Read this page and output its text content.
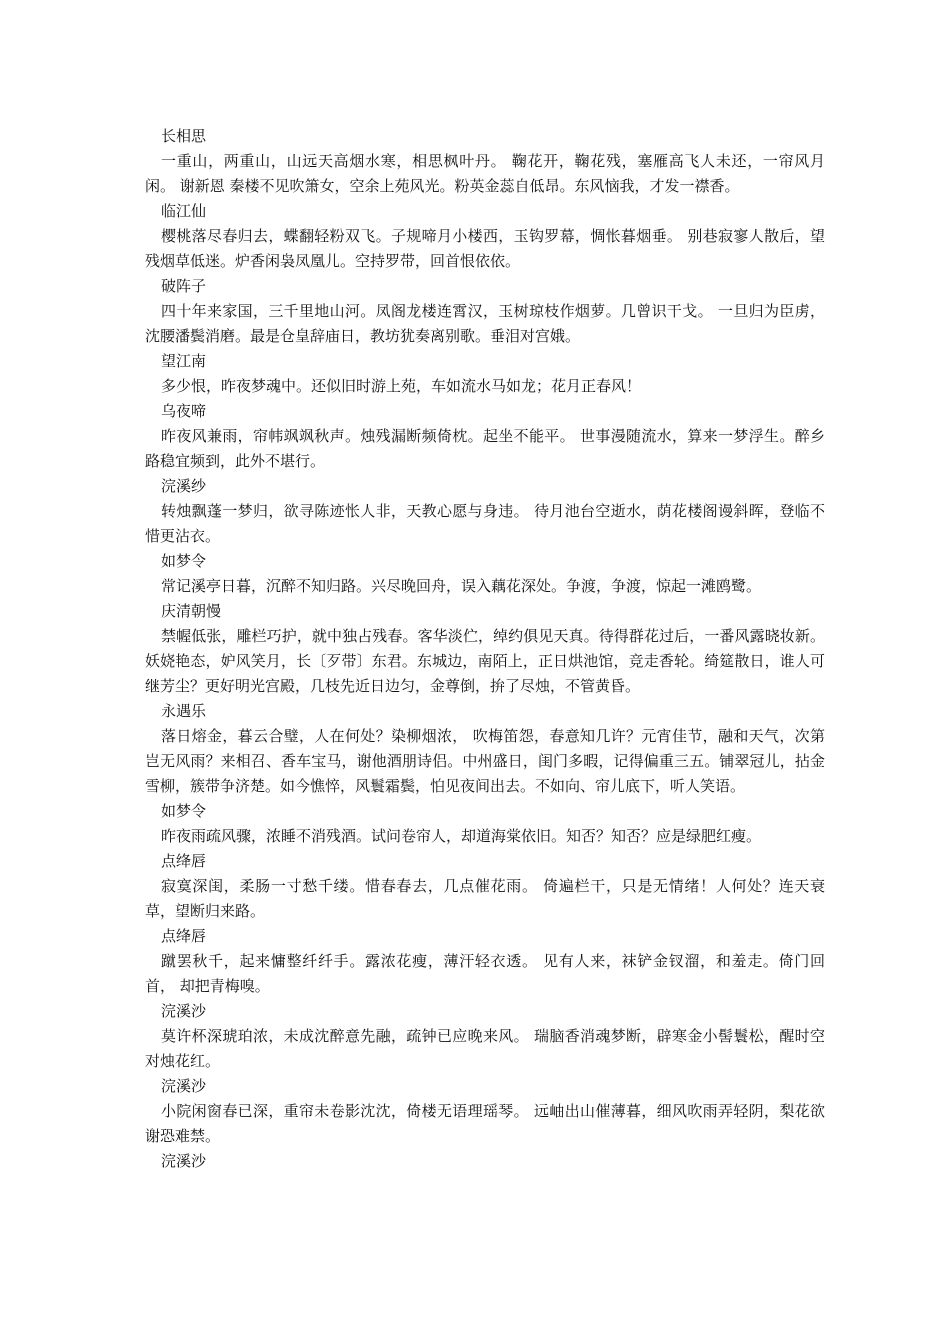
长相思

一重山，两重山，山远天高烟水寒，相思枫叶丹。 鞠花开，鞠花残，塞雁高飞人未还，一帘风月闲。 谢新恩 秦楼不见吹箫女，空余上苑风光。粉英金蕊自低昂。东风恼我，才发一襟香。

临江仙

樱桃落尽春归去，蝶翻轻粉双飞。子规啼月小楼西，玉钩罗幕，惆怅暮烟垂。 别巷寂寥人散后，望残烟草低迷。炉香闲袅凤凰儿。空持罗带，回首恨依依。

破阵子

四十年来家国，三千里地山河。凤阁龙楼连霄汉，玉树琼枝作烟萝。几曾识干戈。 一旦归为臣虏，沈腰潘鬓消磨。最是仓皇辞庙日，教坊犹奏离别歌。垂泪对宫娥。

望江南

多少恨，昨夜梦魂中。还似旧时游上苑，车如流水马如龙；花月正春风！

乌夜啼

昨夜风兼雨，帘帏飒飒秋声。烛残漏断频倚枕。起坐不能平。 世事漫随流水，算来一梦浮生。醉乡路稳宜频到，此外不堪行。

浣溪纱

转烛飘蓬一梦归，欲寻陈迹怅人非，天教心愿与身违。 待月池台空逝水，荫花楼阁谩斜晖，登临不惜更沾衣。

如梦令

常记溪亭日暮，沉醉不知归路。兴尽晚回舟，误入藕花深处。争渡，争渡，惊起一滩鸥鹭。

庆清朝慢

禁幄低张，雕栏巧护，就中独占残春。客华淡伫，绰约俱见天真。待得群花过后，一番风露晓妆新。妖娆艳态，妒风笑月，长〔歹带〕东君。东城边，南陌上，正日烘池馆，竞走香轮。绮筵散日，谁人可继芳尘？更好明光宫殿，几枝先近日边匀，金尊倒，拚了尽烛，不管黄昏。

永遇乐

落日熔金，暮云合璧，人在何处？染柳烟浓， 吹梅笛怨，春意知几许？元宵佳节，融和天气，次第岂无风雨？来相召、香车宝马，谢他酒朋诗侣。中州盛日，闺门多暇，记得偏重三五。铺翠冠儿，拈金雪柳，簇带争济楚。如今憔悴，风鬟霜鬓，怕见夜间出去。不如向、帘儿底下，听人笑语。

如梦令

昨夜雨疏风骤，浓睡不消残酒。试问卷帘人，却道海棠依旧。知否？知否？应是绿肥红瘦。

点绛唇

寂寞深闺，柔肠一寸愁千缕。惜春春去，几点催花雨。 倚遍栏干，只是无情绪！人何处？连天衰草，望断归来路。

点绛唇

蹴罢秋千，起来慵整纤纤手。露浓花瘦，薄汗轻衣透。 见有人来，袜铲金钗溜，和羞走。倚门回首， 却把青梅嗅。

浣溪沙

莫许杯深琥珀浓，未成沈醉意先融，疏钟已应晚来风。 瑞脑香消魂梦断，辟寒金小髻鬟松，醒时空对烛花红。

浣溪沙

小院闲窗春已深，重帘未卷影沈沈，倚楼无语理瑶琴。 远岫出山催薄暮，细风吹雨弄轻阴，梨花欲谢恐难禁。

浣溪沙
